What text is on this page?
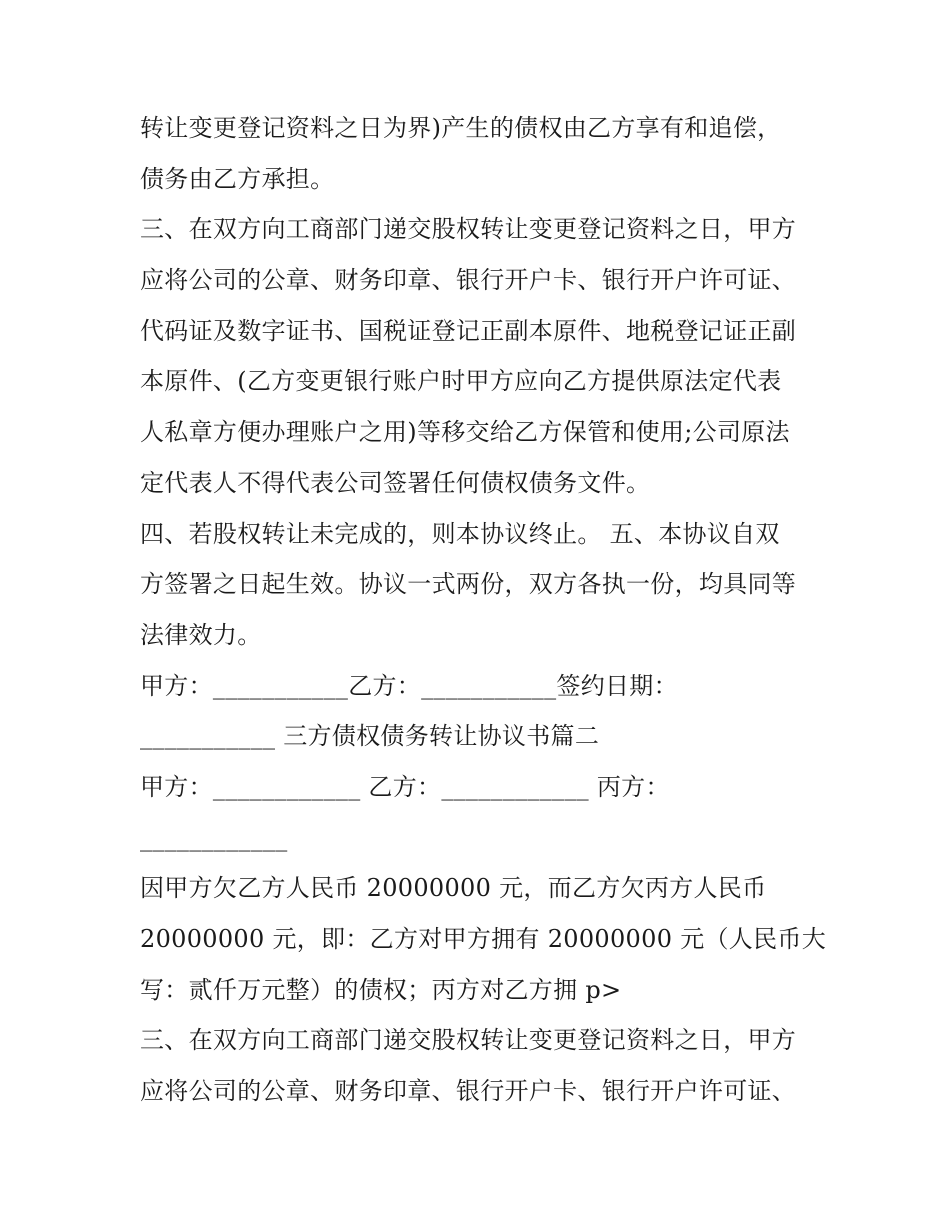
转让变更登记资料之日为界)产生的债权由乙方享有和追偿，
债务由乙方承担。
三、在双方向工商部门递交股权转让变更登记资料之日，甲方
应将公司的公章、财务印章、银行开户卡、银行开户许可证、
代码证及数字证书、国税证登记正副本原件、地税登记证正副
本原件、(乙方变更银行账户时甲方应向乙方提供原法定代表
人私章方便办理账户之用)等移交给乙方保管和使用;公司原法
定代表人不得代表公司签署任何债权债务文件。
四、若股权转让未完成的，则本协议终止。 五、本协议自双
方签署之日起生效。协议一式两份，双方各执一份，均具同等
法律效力。
甲方：___________乙方：___________签约日期：
___________ 三方债权债务转让协议书篇二
甲方：____________ 乙方：____________ 丙方：
____________
因甲方欠乙方人民币 20000000 元，而乙方欠丙方人民币
20000000 元，即：乙方对甲方拥有 20000000 元（人民币大
写：贰仟万元整）的债权；丙方对乙方拥 p>
三、在双方向工商部门递交股权转让变更登记资料之日，甲方
应将公司的公章、财务印章、银行开户卡、银行开户许可证、
